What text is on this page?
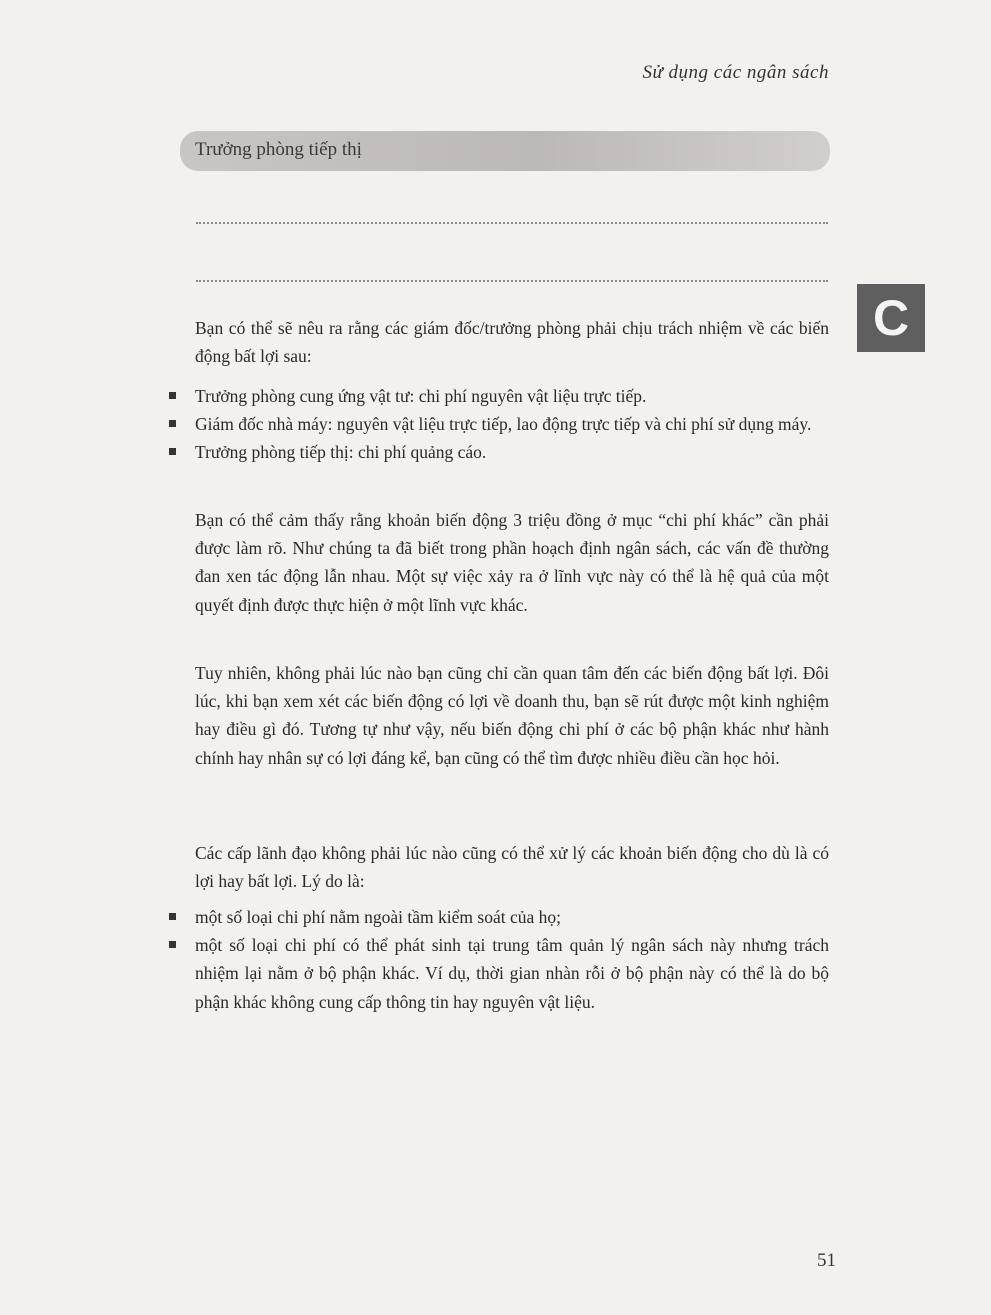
Sử dụng các ngân sách
Trưởng phòng tiếp thị
C

Bạn có thể sẽ nêu ra rằng các giám đốc/trưởng phòng phải chịu trách nhiệm về các biến động bất lợi sau:

Trưởng phòng cung ứng vật tư: chi phí nguyên vật liệu trực tiếp.
Giám đốc nhà máy: nguyên vật liệu trực tiếp, lao động trực tiếp và chi phí sử dụng máy.
Trưởng phòng tiếp thị: chi phí quảng cáo.

Bạn có thể cảm thấy rằng khoản biến động 3 triệu đồng ở mục “chi phí khác” cần phải được làm rõ. Như chúng ta đã biết trong phần hoạch định ngân sách, các vấn đề thường đan xen tác động lẫn nhau. Một sự việc xảy ra ở lĩnh vực này có thể là hệ quả của một quyết định được thực hiện ở một lĩnh vực khác.

Tuy nhiên, không phải lúc nào bạn cũng chỉ cần quan tâm đến các biến động bất lợi. Đôi lúc, khi bạn xem xét các biến động có lợi về doanh thu, bạn sẽ rút được một kinh nghiệm hay điều gì đó. Tương tự như vậy, nếu biến động chi phí ở các bộ phận khác như hành chính hay nhân sự có lợi đáng kể, bạn cũng có thể tìm được nhiều điều cần học hỏi.

Các cấp lãnh đạo không phải lúc nào cũng có thể xử lý các khoản biến động cho dù là có lợi hay bất lợi. Lý do là:

một số loại chi phí nằm ngoài tầm kiểm soát của họ;
một số loại chi phí có thể phát sinh tại trung tâm quản lý ngân sách này nhưng trách nhiệm lại nằm ở bộ phận khác. Ví dụ, thời gian nhàn rỗi ở bộ phận này có thể là do bộ phận khác không cung cấp thông tin hay nguyên vật liệu.
51
